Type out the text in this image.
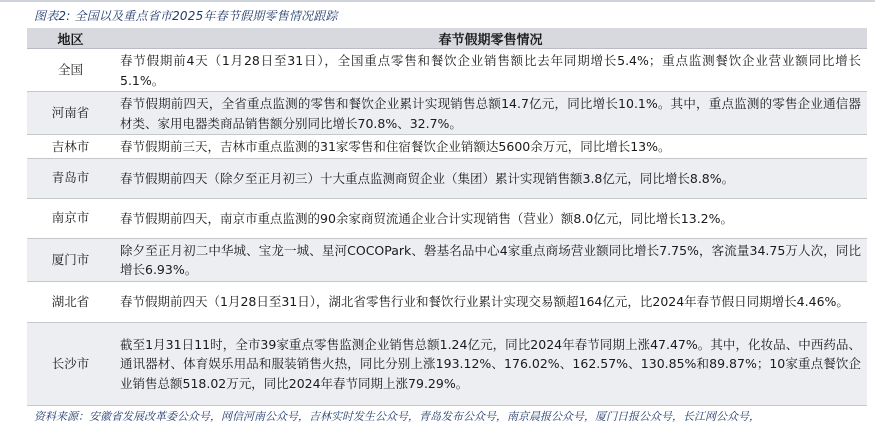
图表2: 全国以及重点省市2025年春节假期零售情况跟踪
地区	春节假期零售情况
全国	春节假期前4天（1月28日至31日），全国重点零售和餐饮企业销售额比去年同期增长5.4%；重点监测餐饮企业营业额同比增长5.1%。
河南省	春节假期前四天，全省重点监测的零售和餐饮企业累计实现销售总额14.7亿元，同比增长10.1%。其中，重点监测的零售企业通信器材类、家用电器类商品销售额分别同比增长70.8%、32.7%。
吉林市	春节假期前三天，吉林市重点监测的31家零售和住宿餐饮企业销额达5600余万元，同比增长13%。
青岛市	春节假期前四天（除夕至正月初三）十大重点监测商贸企业（集团）累计实现销售额3.8亿元，同比增长8.8%。
南京市	春节假期前四天，南京市重点监测的90余家商贸流通企业合计实现销售（营业）额8.0亿元，同比增长13.2%。
厦门市	除夕至正月初二中华城、宝龙一城、星河COCOPark、磐基名品中心4家重点商场营业额同比增长7.75%，客流量34.75万人次，同比增长6.93%。
湖北省	春节假期前四天（1月28日至31日），湖北省零售行业和餐饮行业累计实现交易额超164亿元，比2024年春节假日同期增长4.46%。
长沙市	截至1月31日11时，全市39家重点零售监测企业销售总额1.24亿元，同比2024年春节同期上涨47.47%。其中，化妆品、中西药品、通讯器材、体育娱乐用品和服装销售火热，同比分别上涨193.12%、176.02%、162.57%、130.85%和89.87%；10家重点餐饮企业销售总额518.02万元，同比2024年春节同期上涨79.29%。
资料来源：安徽省发展改革委公众号，网信河南公众号，吉林实时发生公众号，青岛发布公众号，南京晨报公众号，厦门日报公众号，长江网公众号，
